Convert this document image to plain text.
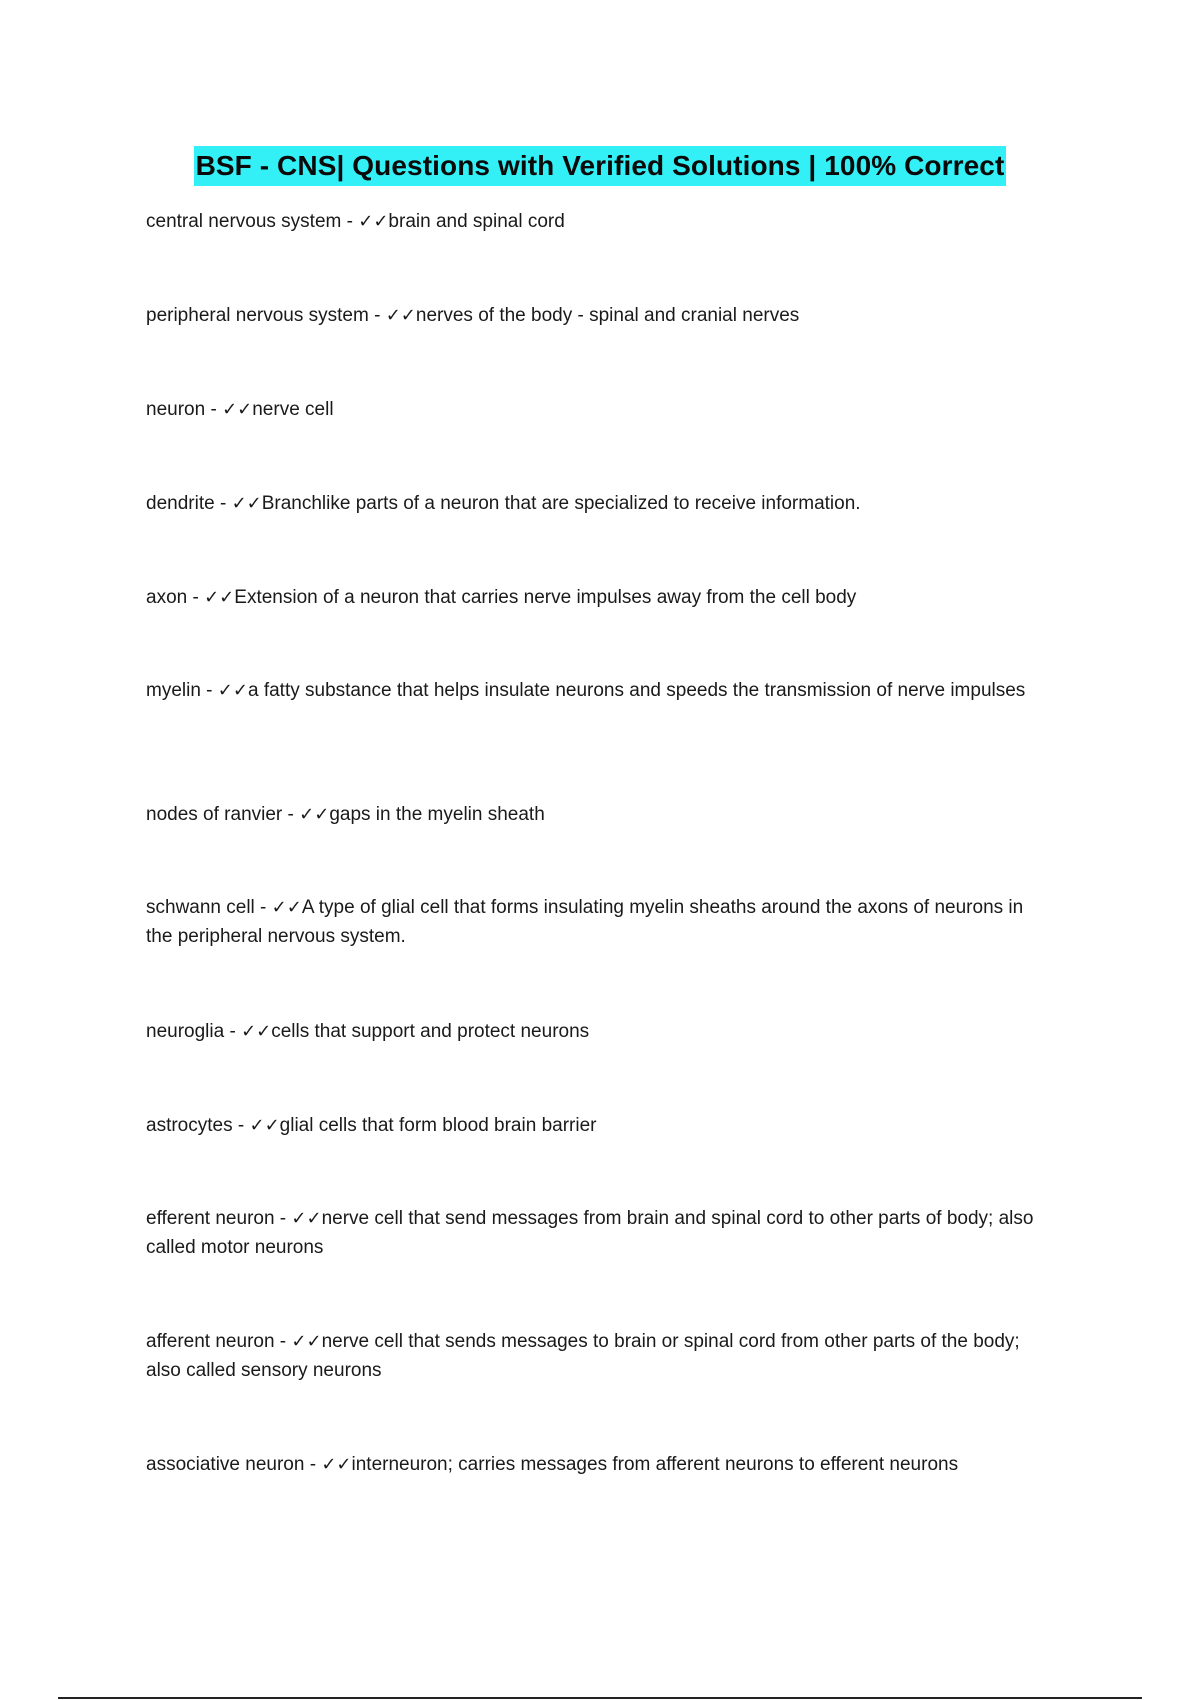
BSF - CNS| Questions with Verified Solutions | 100% Correct
central nervous system - ✓✓brain and spinal cord
peripheral nervous system - ✓✓nerves of the body - spinal and cranial nerves
neuron - ✓✓nerve cell
dendrite - ✓✓Branchlike parts of a neuron that are specialized to receive information.
axon - ✓✓Extension of a neuron that carries nerve impulses away from the cell body
myelin - ✓✓a fatty substance that helps insulate neurons and speeds the transmission of nerve impulses
nodes of ranvier - ✓✓gaps in the myelin sheath
schwann cell - ✓✓A type of glial cell that forms insulating myelin sheaths around the axons of neurons in the peripheral nervous system.
neuroglia - ✓✓cells that support and protect neurons
astrocytes - ✓✓glial cells that form blood brain barrier
efferent neuron - ✓✓nerve cell that send messages from brain and spinal cord to other parts of body; also called motor neurons
afferent neuron - ✓✓nerve cell that sends messages to brain or spinal cord from other parts of the body; also called sensory neurons
associative neuron - ✓✓interneuron; carries messages from afferent neurons to efferent neurons
